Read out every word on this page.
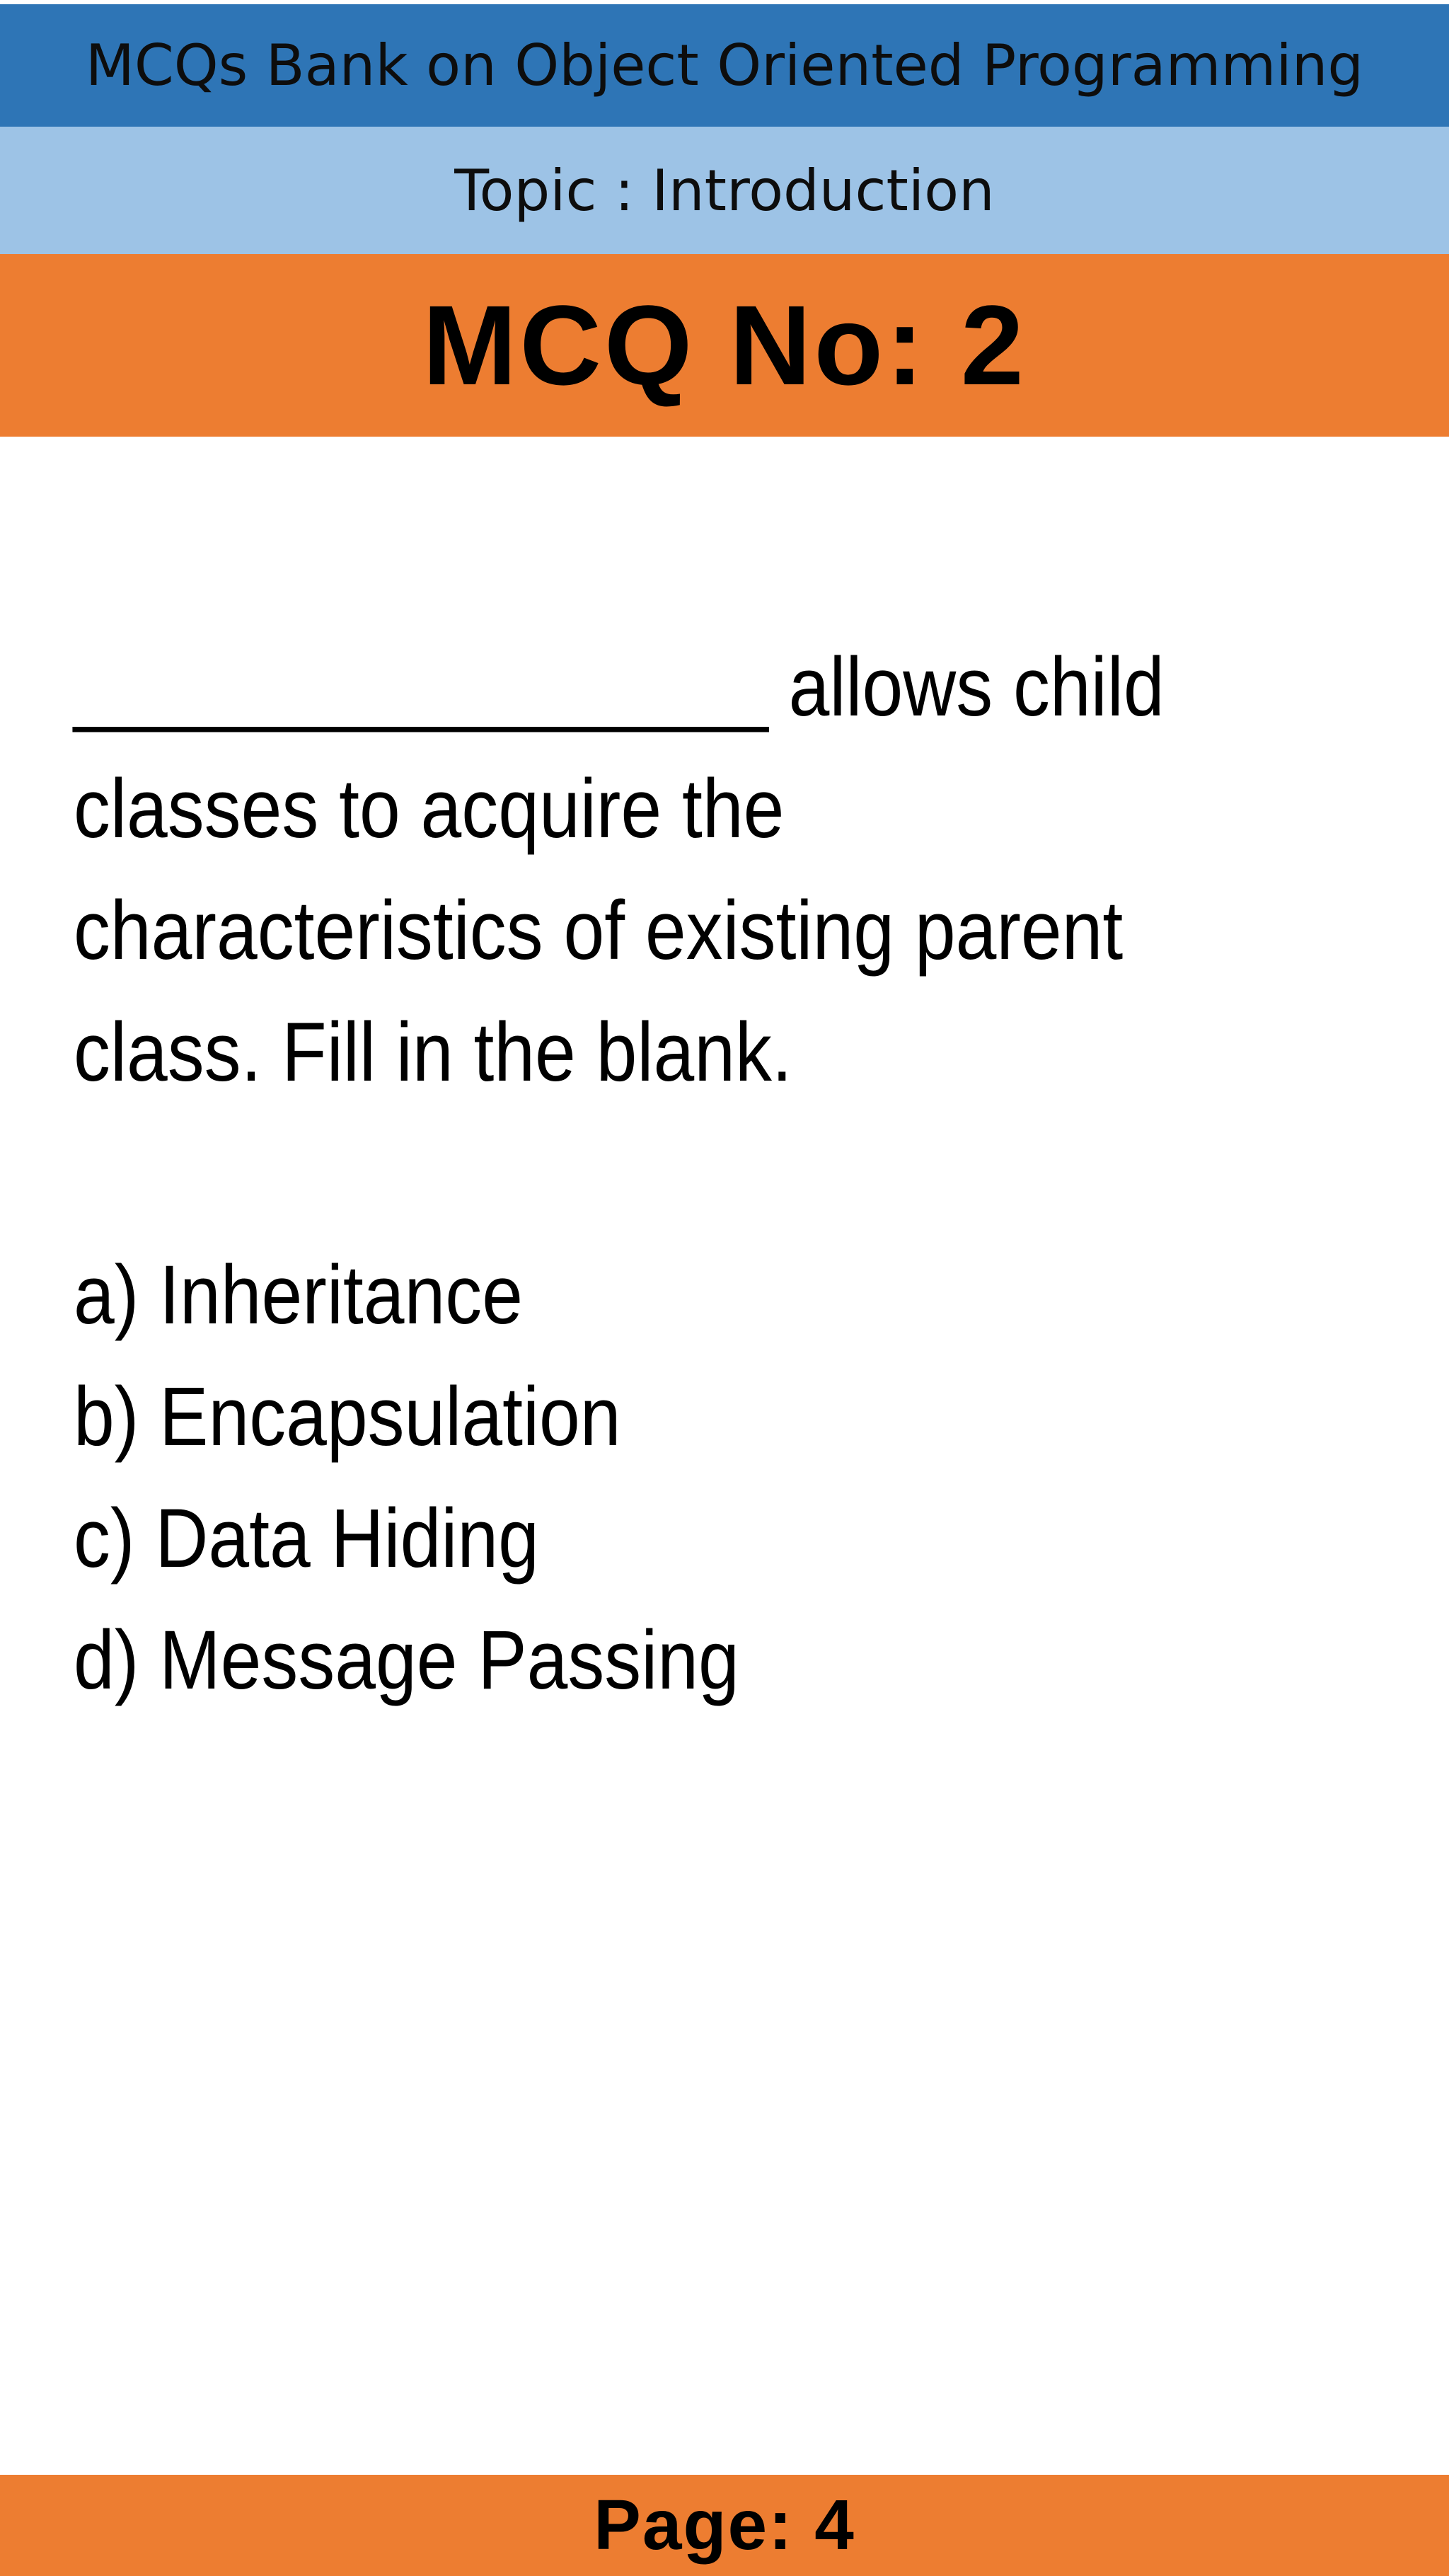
MCQs Bank on Object Oriented Programming
Topic : Introduction
MCQ No: 2

_________________ allows child classes to acquire the characteristics of existing parent class. Fill in the blank.

a) Inheritance
b) Encapsulation
c) Data Hiding
d) Message Passing
Page: 4
